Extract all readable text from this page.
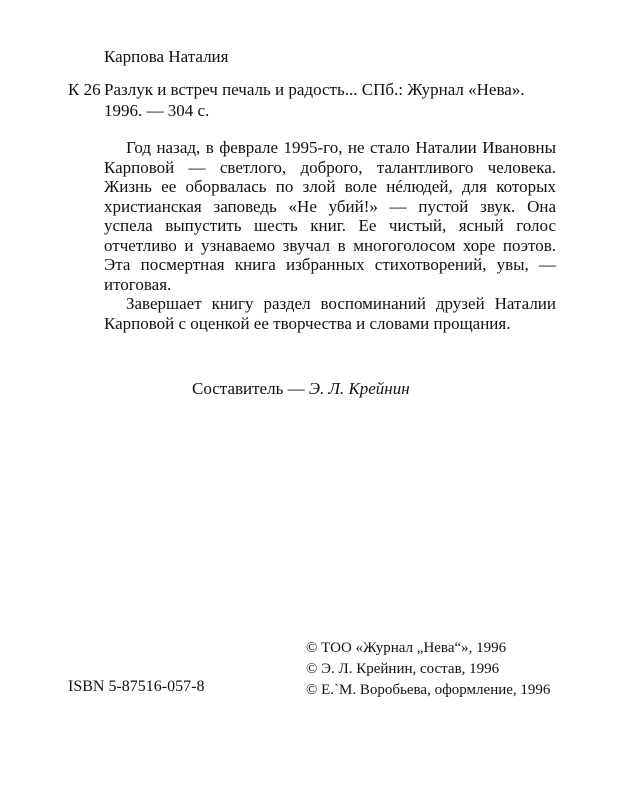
Карпова Наталия
К 26 Разлук и встреч печаль и радость... СПб.: Журнал «Нева».
1996. — 304 с.

Год назад, в феврале 1995-го, не стало Наталии Ивановны Карповой — светлого, доброго, талантливого человека. Жизнь ее оборвалась по злой воле нéлюдей, для которых христианская заповедь «Не убий!» — пустой звук. Она успела выпустить шесть книг. Ее чистый, ясный голос отчетливо и узнаваемо звучал в многоголосом хоре поэтов. Эта посмертная книга избранных стихотворений, увы, — итоговая.

Завершает книгу раздел воспоминаний друзей Наталии Карповой с оценкой ее творчества и словами прощания.

Составитель — Э. Л. Крейнин
ISBN 5-87516-057-8
© ТОО «Журнал „Нева“», 1996
© Э. Л. Крейнин, состав, 1996
© Е.`М. Воробьева, оформление, 1996
